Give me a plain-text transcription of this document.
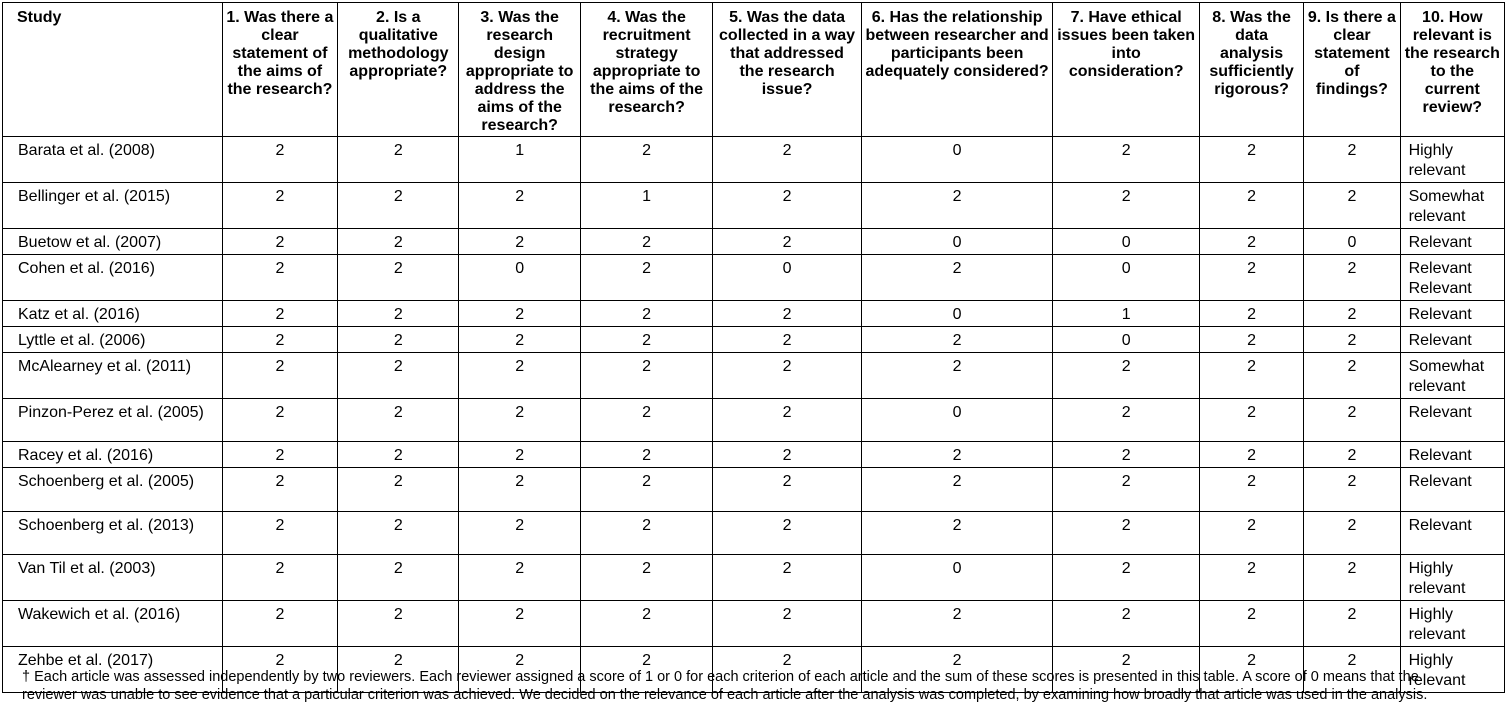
Study	1. Was there a clear statement of the aims of the research?	2. Is a qualitative methodology appropriate?	3. Was the research design appropriate to address the aims of the research?	4. Was the recruitment strategy appropriate to the aims of the research?	5. Was the data collected in a way that addressed the research issue?	6. Has the relationship between researcher and participants been adequately considered?	7. Have ethical issues been taken into consideration?	8. Was the data analysis sufficiently rigorous?	9. Is there a clear statement of findings?	10. How relevant is the research to the current review?
Barata et al. (2008)	2	2	1	2	2	0	2	2	2	Highly relevant
Bellinger et al. (2015)	2	2	2	1	2	2	2	2	2	Somewhat relevant
Buetow et al. (2007)	2	2	2	2	2	0	0	2	0	Relevant
Cohen et al. (2016)	2	2	0	2	0	2	0	2	2	Relevant Relevant
Katz et al. (2016)	2	2	2	2	2	0	1	2	2	Relevant
Lyttle et al. (2006)	2	2	2	2	2	2	0	2	2	Relevant
McAlearney et al. (2011)	2	2	2	2	2	2	2	2	2	Somewhat relevant
Pinzon-Perez et al. (2005)	2	2	2	2	2	0	2	2	2	Relevant
Racey et al. (2016)	2	2	2	2	2	2	2	2	2	Relevant
Schoenberg et al. (2005)	2	2	2	2	2	2	2	2	2	Relevant
Schoenberg et al. (2013)	2	2	2	2	2	2	2	2	2	Relevant
Van Til et al. (2003)	2	2	2	2	2	0	2	2	2	Highly relevant
Wakewich et al. (2016)	2	2	2	2	2	2	2	2	2	Highly relevant
Zehbe et al. (2017)	2	2	2	2	2	2	2	2	2	Highly relevant
† Each article was assessed independently by two reviewers. Each reviewer assigned a score of 1 or 0 for each criterion of each article and the sum of these scores is presented in this table. A score of 0 means that the reviewer was unable to see evidence that a particular criterion was achieved. We decided on the relevance of each article after the analysis was completed, by examining how broadly that article was used in the analysis.
